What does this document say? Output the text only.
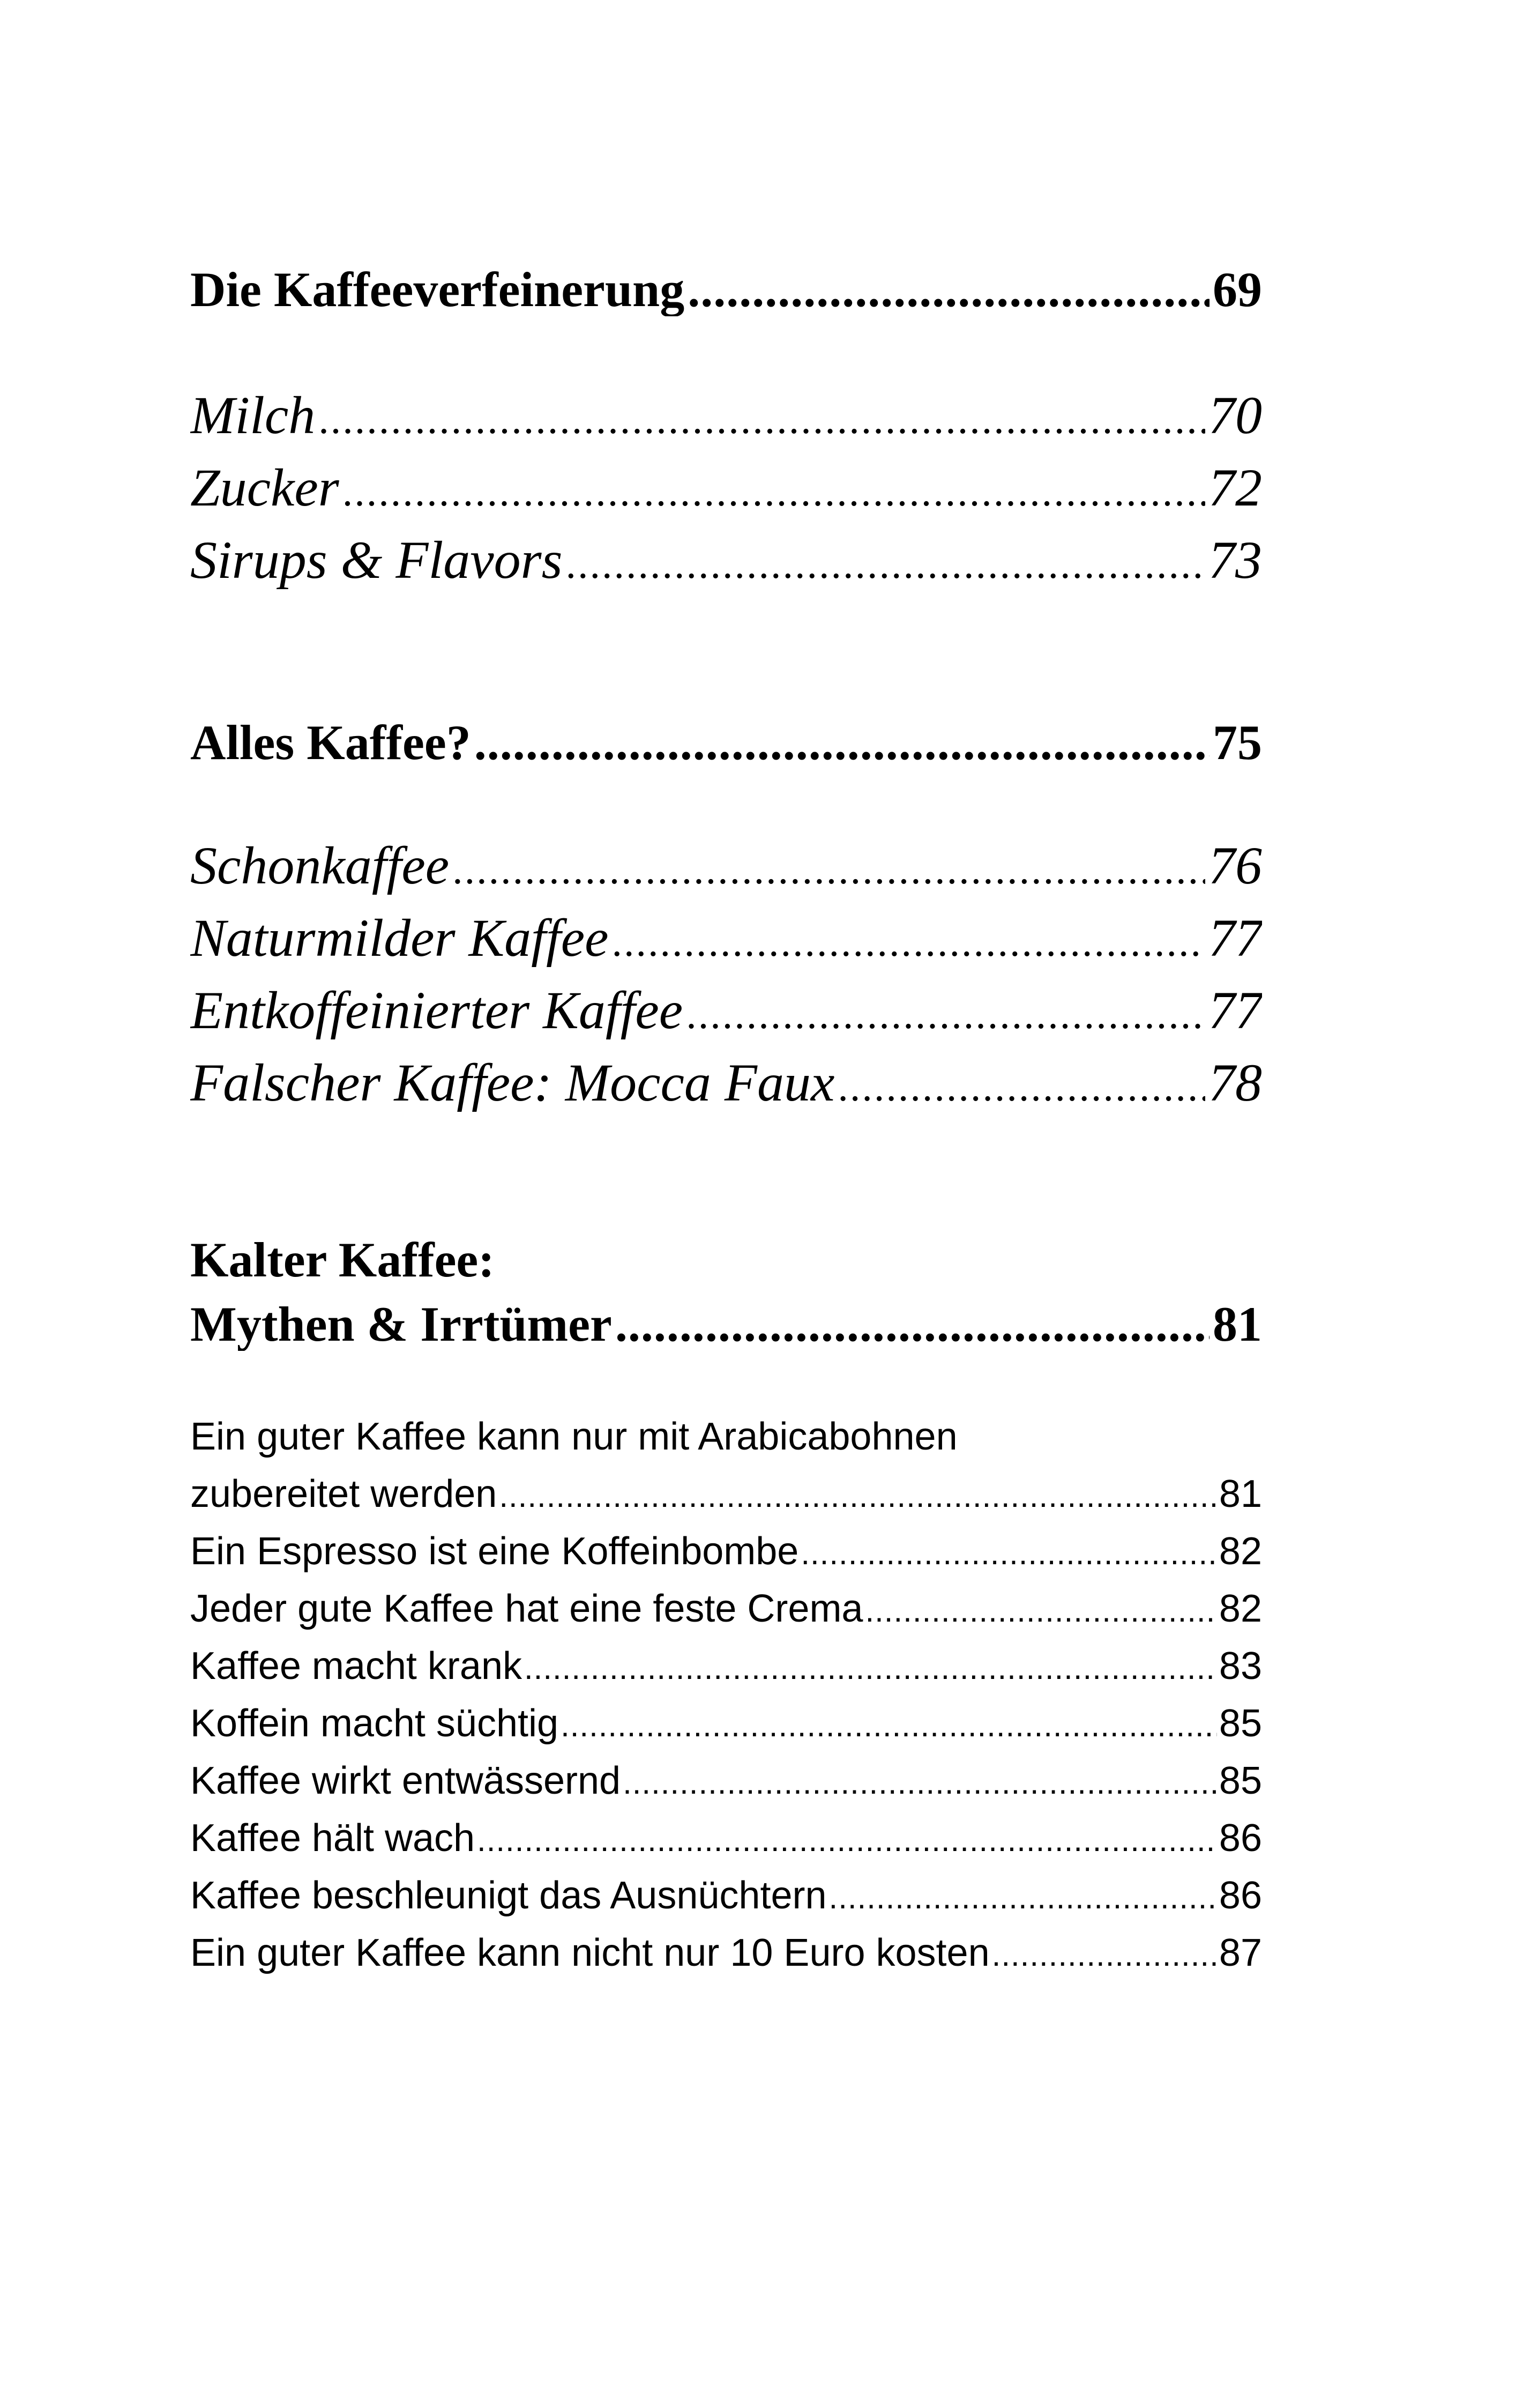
Die Kaffeeverfeinerung .....	69
Milch .....	70
Zucker .....	72
Sirups & Flavors .....	73
Alles Kaffee? .....	75
Schonkaffee .....	76
Naturmilder Kaffee .....	77
Entkoffeinierter Kaffee .....	77
Falscher Kaffee: Mocca Faux .....	78
Kalter Kaffee:
Mythen & Irrtümer .....	81
Ein guter Kaffee kann nur mit Arabicabohnen
zubereitet werden .....	81
Ein Espresso ist eine Koffeinbombe .....	82
Jeder gute Kaffee hat eine feste Crema .....	82
Kaffee macht krank .....	83
Koffein macht süchtig .....	85
Kaffee wirkt entwässernd .....	85
Kaffee hält wach .....	86
Kaffee beschleunigt das Ausnüchtern .....	86
Ein guter Kaffee kann nicht nur 10 Euro kosten .....	87
